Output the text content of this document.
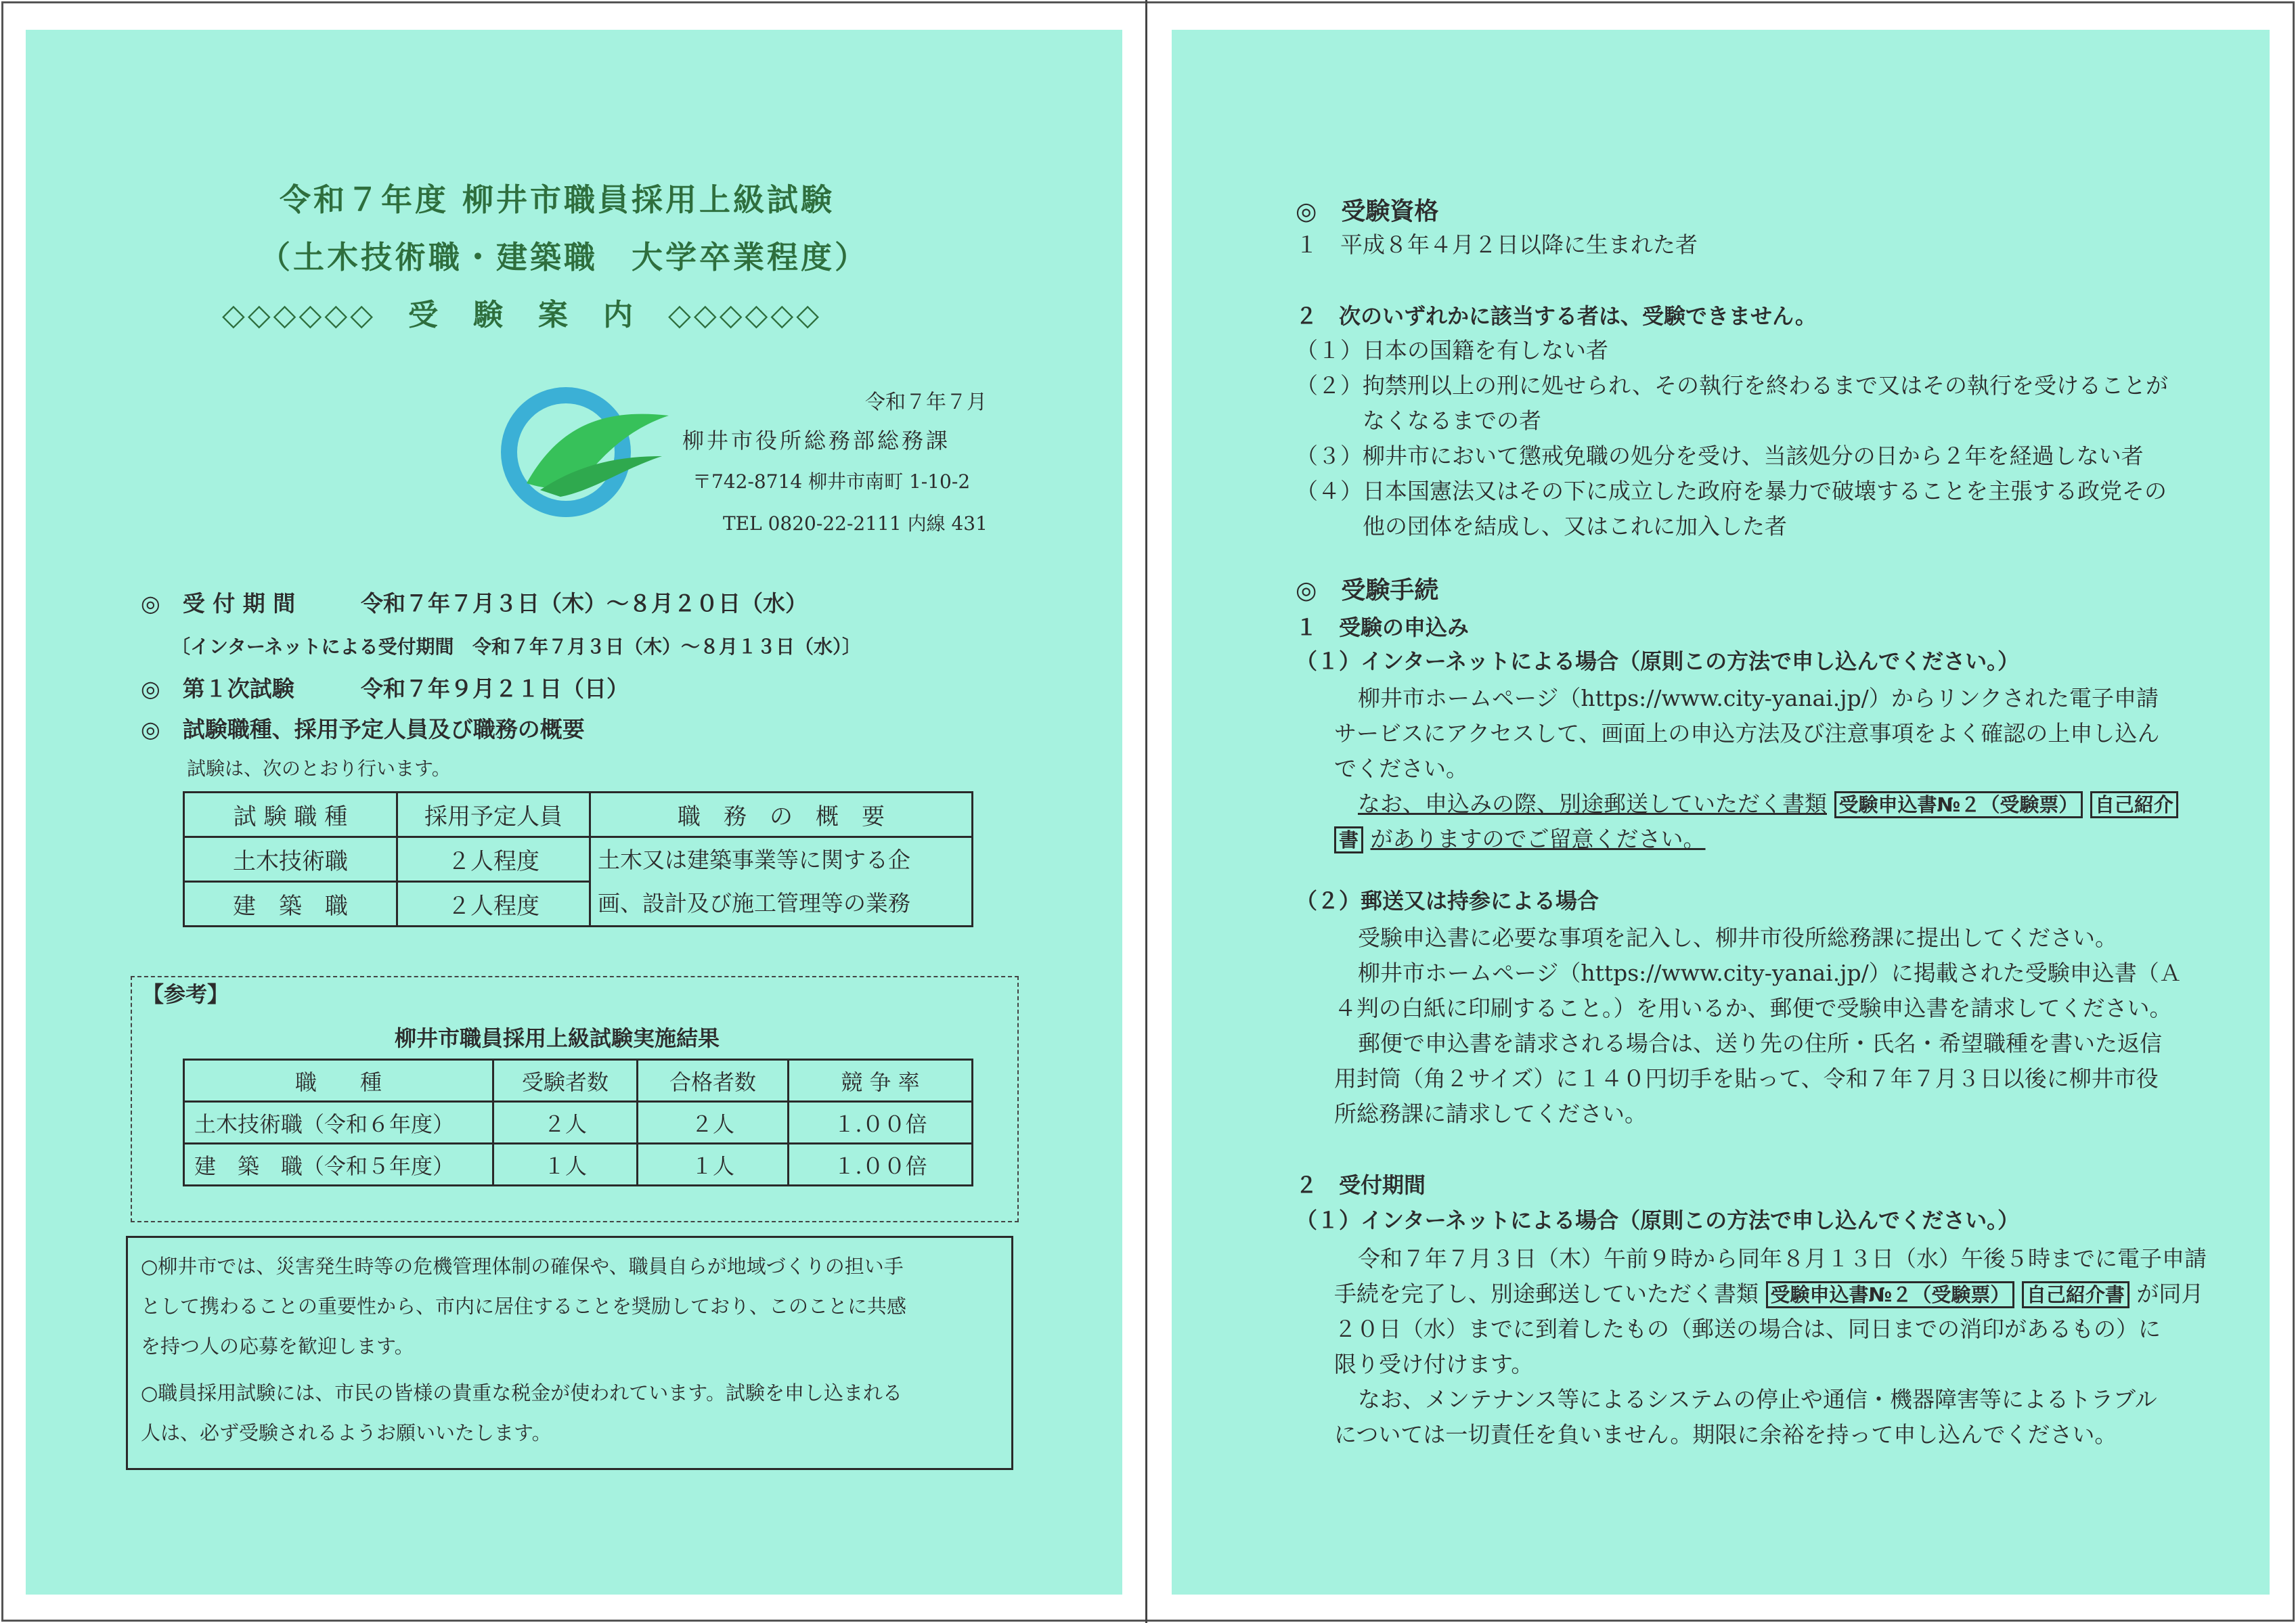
令和７年度 柳井市職員採用上級試験
（土木技術職・建築職　大学卒業程度）
◇◇◇◇◇◇　受　験　案　内　◇◇◇◇◇◇
令和７年７月
柳井市役所総務部総務課
〒742-8714 柳井市南町 1-10-2
TEL 0820-22-2111 内線 431
◎　受 付 期 間	令和７年７月３日（木）～８月２０日（水）
〔インターネットによる受付期間 令和７年７月３日（木）～８月１３日（水）〕
◎　第１次試験	令和７年９月２１日（日）
◎　試験職種、採用予定人員及び職務の概要
試験は、次のとおり行います。
試 験 職 種	採用予定人員	職　務　の　概　要
土木技術職	２人程度	土木又は建築事業等に関する企
画、設計及び施工管理等の業務

建　築　職	２人程度	
【参考】
柳井市職員採用上級試験実施結果
職　　種	受験者数	合格者数	競 争 率
土木技術職（令和６年度）	２人	２人	１.００倍
建　築　職（令和５年度）	１人	１人	１.００倍
○柳井市では、災害発生時等の危機管理体制の確保や、職員自らが地域づくりの担い手
として携わることの重要性から、市内に居住することを奨励しており、このことに共感
を持つ人の応募を歓迎します。
○職員採用試験には、市民の皆様の貴重な税金が使われています。試験を申し込まれる
人は、必ず受験されるようお願いいたします。
◎　受験資格
１　平成８年４月２日以降に生まれた者
２　次のいずれかに該当する者は、受験できません。
（１）日本の国籍を有しない者
（２）拘禁刑以上の刑に処せられ、その執行を終わるまで又はその執行を受けることが
　　　なくなるまでの者
（３）柳井市において懲戒免職の処分を受け、当該処分の日から２年を経過しない者
（４）日本国憲法又はその下に成立した政府を暴力で破壊することを主張する政党その
　　　他の団体を結成し、又はこれに加入した者
◎　受験手続
１　受験の申込み
（１）インターネットによる場合（原則この方法で申し込んでください。）
柳井市ホームページ（https://www.city-yanai.jp/）からリンクされた電子申請
サービスにアクセスして、画面上の申込方法及び注意事項をよく確認の上申し込ん
でください。
なお、申込みの際、別途郵送していただく書類 受験申込書№２（受験票） 自己紹介
書 がありますのでご留意ください。
（２）郵送又は持参による場合
受験申込書に必要な事項を記入し、柳井市役所総務課に提出してください。
柳井市ホームページ（https://www.city-yanai.jp/）に掲載された受験申込書（Ａ
４判の白紙に印刷すること。）を用いるか、郵便で受験申込書を請求してください。
郵便で申込書を請求される場合は、送り先の住所・氏名・希望職種を書いた返信
用封筒（角２サイズ）に１４０円切手を貼って、令和７年７月３日以後に柳井市役
所総務課に請求してください。
２　受付期間
（１）インターネットによる場合（原則この方法で申し込んでください。）
令和７年７月３日（木）午前９時から同年８月１３日（水）午後５時までに電子申請
手続を完了し、別途郵送していただく書類 受験申込書№２（受験票） 自己紹介書 が同月
２０日（水）までに到着したもの（郵送の場合は、同日までの消印があるもの）に
限り受け付けます。
なお、メンテナンス等によるシステムの停止や通信・機器障害等によるトラブル
については一切責任を負いません。期限に余裕を持って申し込んでください。
